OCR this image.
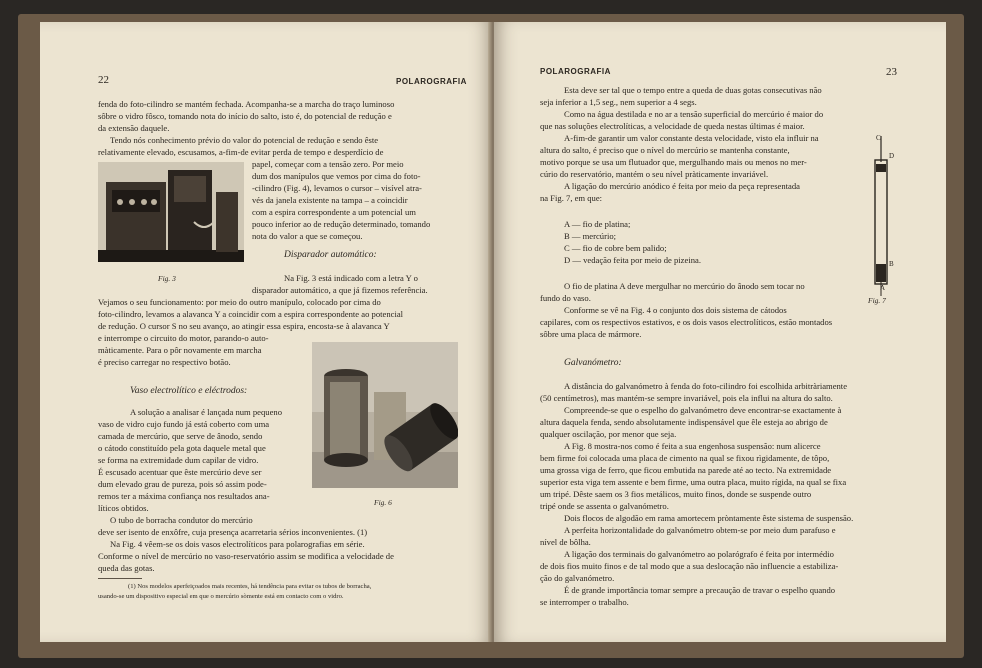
22	POLAROGRAFIA
fenda do foto-cilindro se mantém fechada. Acompanha-se a marcha do traço luminoso
sôbre o vidro fôsco, tomando nota do início do salto, isto é, do potencial de redução e
da extensão daquele.
Tendo nós conhecimento prévio do valor do potencial de redução e sendo êste
relativamente elevado, escusamos, a-fim-de evitar perda de tempo e desperdício de
papel, começar com a tensão zero. Por meio
dum dos manípulos que vemos por cima do foto-
-cilindro (Fig. 4), levamos o cursor – visível atra-
vés da janela existente na tampa – a coincidir
com a espira correspondente a um potencial um
pouco inferior ao de redução determinado, tomando
nota do valor a que se começou.
Disparador automático:
Fig. 3	Na Fig. 3 está indicado com a letra Y o
disparador automático, a que já fizemos referência.
Vejamos o seu funcionamento: por meio do outro manípulo, colocado por cima do
foto-cilindro, levamos a alavanca Y a coincidir com a espira correspondente ao potencial
de redução. O cursor S no seu avanço, ao atingir essa espira, encosta-se à alavanca Y
e interrompe o circuito do motor, parando-o auto-
màticamente. Para o pôr novamente em marcha
é preciso carregar no respectivo botão.
Vaso electrolítico e eléctrodos:
A solução a analisar é lançada num pequeno
vaso de vidro cujo fundo já está coberto com uma
camada de mercúrio, que serve de ânodo, sendo
o cátodo constituído pela gota daquele metal que
se forma na extremidade dum capilar de vidro.
É escusado acentuar que êste mercúrio deve ser
dum elevado grau de pureza, pois só assim pode-
remos ter a máxima confiança nos resultados ana-
líticos obtidos.
O tubo de borracha condutor do mercúrio
Fig. 6
deve ser isento de enxôfre, cuja presença acarretaria sérios inconvenientes. (1)
Na Fig. 4 vêem-se os dois vasos electrolíticos para polarografias em série.
Conforme o nível de mercúrio no vaso-reservatório assim se modifica a velocidade de
queda das gotas.
(1) Nos modelos aperfeiçoados mais recentes, há tendência para evitar os tubos de borracha,
usando-se um dispositivo especial em que o mercúrio sòmente está em contacto com o vidro.
POLAROGRAFIA	23
Esta deve ser tal que o tempo entre a queda de duas gotas consecutivas não
seja inferior a 1,5 seg., nem superior a 4 segs.
Como na água destilada e no ar a tensão superficial do mercúrio é maior do
que nas soluções electrolíticas, a velocidade de queda nestas últimas é maior.
A-fim-de garantir um valor constante desta velocidade, visto ela influir na
altura do salto, é preciso que o nível do mercúrio se mantenha constante,
motivo porque se usa um flutuador que, mergulhando mais ou menos no mer-
cúrio do reservatório, mantém o seu nível pràticamente invariável.
A ligação do mercúrio anódico é feita por meio da peça representada
na Fig. 7, em que:
A — fio de platina;
B — mercúrio;
C — fio de cobre bem palido;
D — vedação feita por meio de pizeina.
C
D
B
A
Fig. 7
O fio de platina A deve mergulhar no mercúrio do ânodo sem tocar no
fundo do vaso.
Conforme se vê na Fig. 4 o conjunto dos dois sistema de cátodos
capilares, com os respectivos estativos, e os dois vasos electrolíticos, estão montados
sôbre uma placa de mármore.
Galvanómetro:
A distância do galvanómetro à fenda do foto-cilindro foi escolhida arbitràriamente
(50 centímetros), mas mantém-se sempre invariável, pois ela influi na altura do salto.
Compreende-se que o espelho do galvanómetro deve encontrar-se exactamente à
altura daquela fenda, sendo absolutamente indispensável que êle esteja ao abrigo de
qualquer oscilação, por menor que seja.
A Fig. 8 mostra-nos como é feita a sua engenhosa suspensão: num alicerce
bem firme foi colocada uma placa de cimento na qual se fixou rìgidamente, de tôpo,
uma grossa viga de ferro, que ficou embutida na parede até ao tecto. Na extremidade
superior esta viga tem assente e bem firme, uma outra placa, muito rígida, na qual se fixa
um tripé. Dêste saem os 3 fios metálicos, muito finos, donde se suspende outro
tripé onde se assenta o galvanómetro.
Dois flocos de algodão em rama amortecem pròntamente êste sistema de suspensão.
A perfeita horizontalidade do galvanómetro obtem-se por meio dum parafuso e
nível de bôlha.
A ligação dos terminais do galvanómetro ao polarógrafo é feita por intermédio
de dois fios muito finos e de tal modo que a sua deslocação não influencie a estabiliza-
ção do galvanómetro.
É de grande importância tomar sempre a precaução de travar o espelho quando
se interromper o trabalho.
